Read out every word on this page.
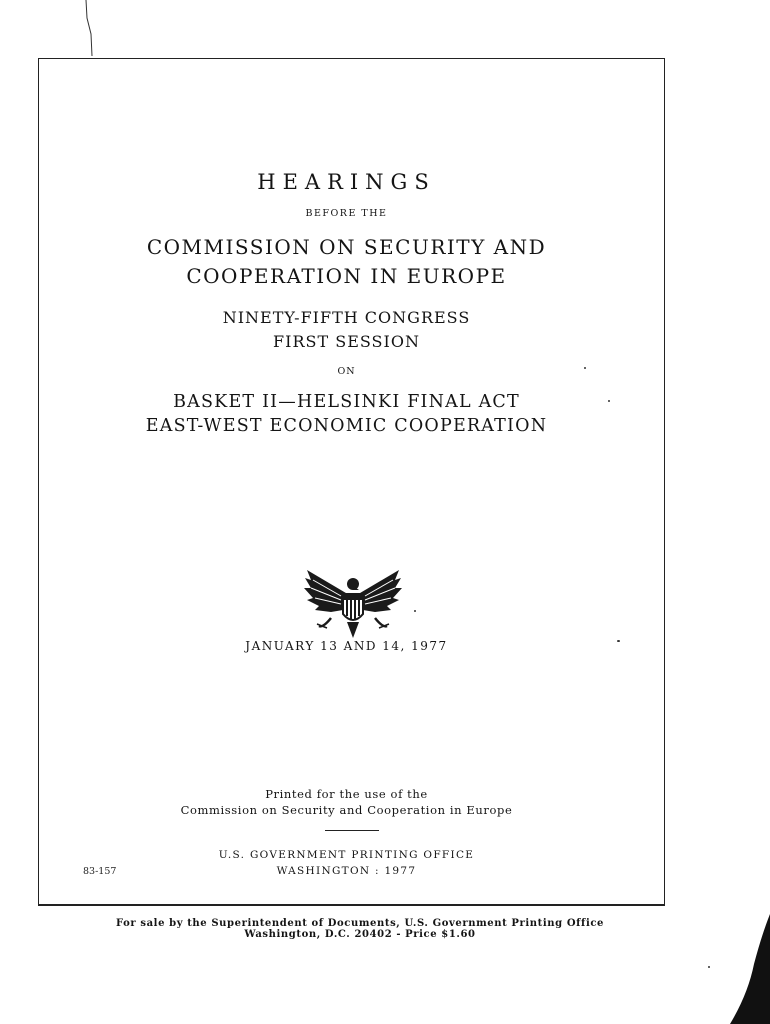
HEARINGS

BEFORE THE

COMMISSION ON SECURITY AND
COOPERATION IN EUROPE
NINETY-FIFTH CONGRESS
FIRST SESSION

ON

BASKET II—HELSINKI FINAL ACT
EAST-WEST ECONOMIC COOPERATION

JANUARY 13 AND 14, 1977

Printed for the use of the
Commission on Security and Cooperation in Europe
U.S. GOVERNMENT PRINTING OFFICE
WASHINGTON : 1977

83-157

For sale by the Superintendent of Documents, U.S. Government Printing Office
Washington, D.C. 20402 - Price $1.60
